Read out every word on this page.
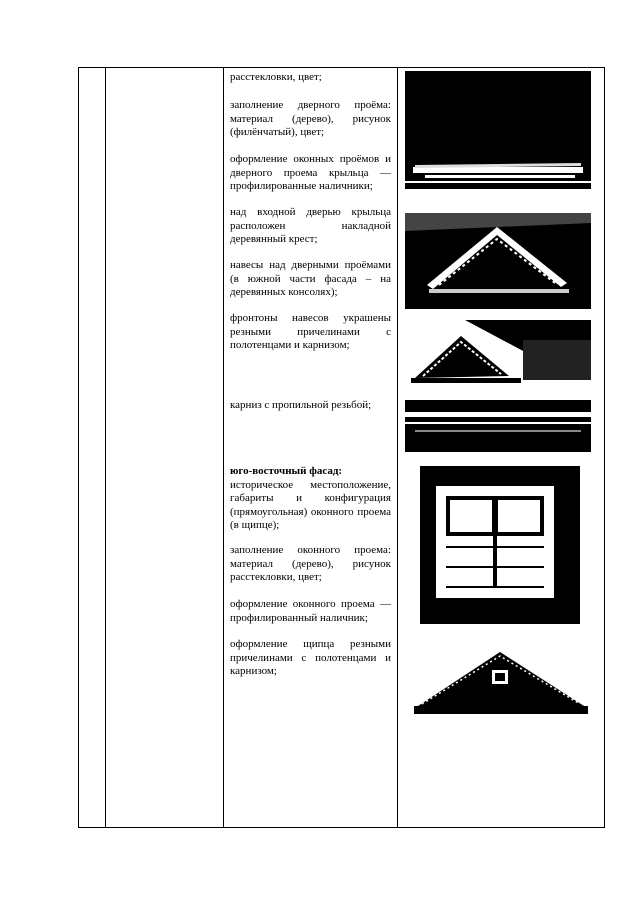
расстекловки, цвет;
заполнение дверного проёма: материал (дерево), рисунок (филёнчатый), цвет;
оформление оконных проёмов и дверного проема крыльца — профилированные наличники;
над входной дверью крыльца расположен накладной деревянный крест;
навесы над дверными проёмами (в южной части фасада – на деревянных консолях);
фронтоны навесов украшены резными причелинами с полотенцами и карнизом;
карниз с пропильной резьбой;
юго-восточный фасад:
историческое местоположение, габариты и конфигурация (прямоугольная) оконного проема (в щипце);
заполнение оконного проема: материал (дерево), рисунок расстекловки, цвет;
оформление оконного проема — профилированный наличник;
оформление щипца резными причелинами с полотенцами и карнизом;
